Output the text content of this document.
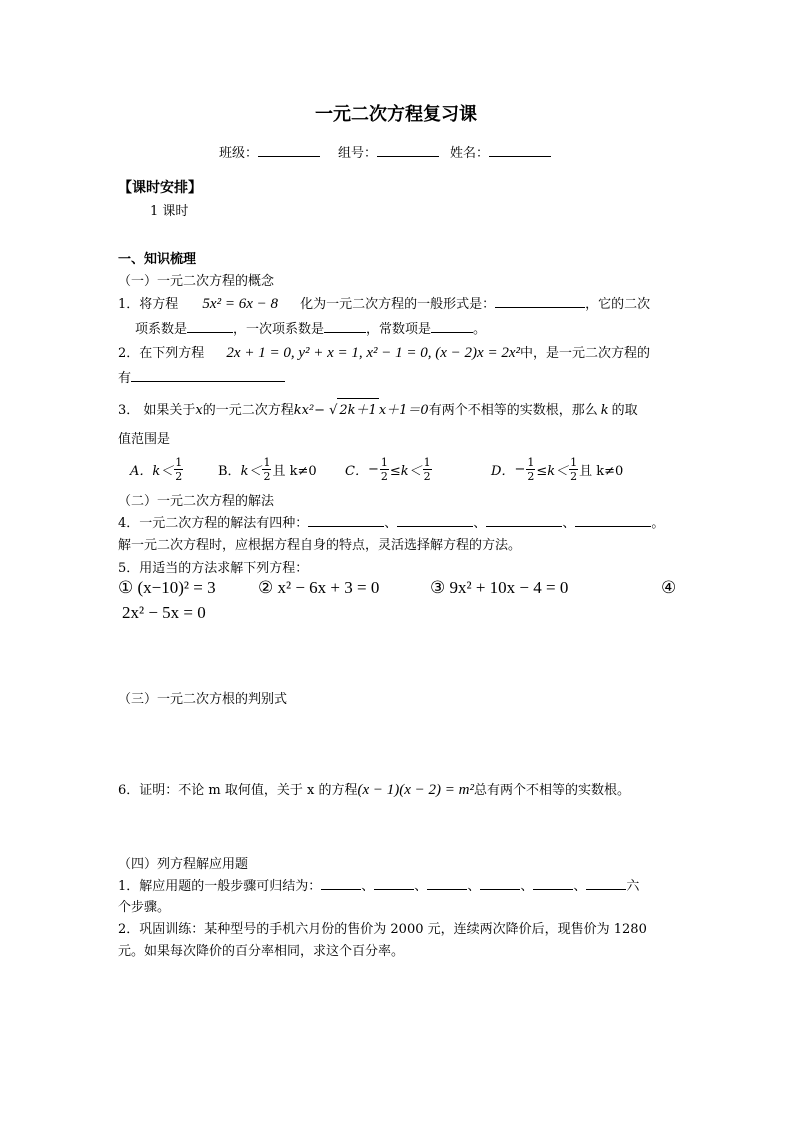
一元二次方程复习课
班级：	组号：	姓名：
【课时安排】
1 课时
一、知识梳理
（一）一元二次方程的概念
1．将方程 5x² = 6x − 8 化为一元二次方程的一般形式是：	，它的二次
项系数是	，一次项系数是	，常数项是	。
2．在下列方程 2x + 1 = 0, y² + x = 1, x² − 1 = 0, (x − 2)x = 2x²中，是一元二次方程的
有
3． 如果关于x的一元二次方程kx²− √ 2k＋1 x＋1＝0有两个不相等的实数根，那么 k 的取
值范围是
A． $k< \frac{1}{2}$	B． $k< \frac{1}{2}$ 且 k≠0 C． − $\frac{1}{2} \le k< \frac{1}{2}$	D． − $\frac{1}{2} \le k< \frac{1}{2}$ 且 k≠0
（二）一元二次方程的解法
4．一元二次方程的解法有四种：	、	、	、	。
解一元二次方程时，应根据方程自身的特点，灵活选择解方程的方法。
5．用适当的方法求解下列方程：
① (x−10)² = 3 ② x² − 6x + 3 = 0	③ 9x² + 10x − 4 = 0	④
2x² − 5x = 0
（三）一元二次方根的判别式
6．证明：不论 m 取何值，关于 x 的方程(x − 1)(x − 2) = m²总有两个不相等的实数根。
（四）列方程解应用题
1．解应用题的一般步骤可归结为：	、	、	、	、	、	六
个步骤。
2．巩固训练：某种型号的手机六月份的售价为 2000 元，连续两次降价后，现售价为 1280
元。如果每次降价的百分率相同，求这个百分率。
